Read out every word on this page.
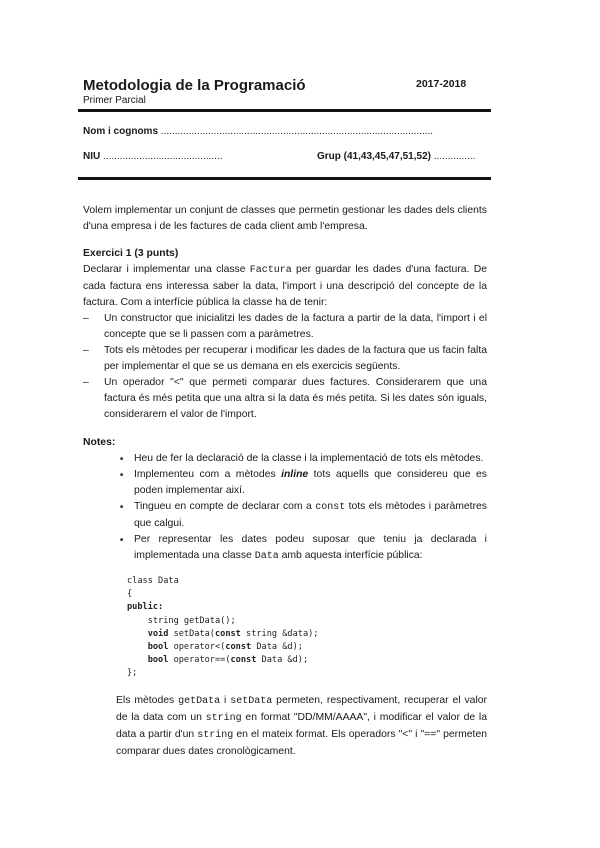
Metodologia de la Programació
Primer Parcial
2017-2018
Nom i cognoms ..................................................................................................
NIU ...........................................	Grup (41,43,45,47,51,52) ...............
Volem implementar un conjunt de classes que permetin gestionar les dades dels clients d'una empresa i de les factures de cada client amb l'empresa.
Exercici 1 (3 punts)
Declarar i implementar una classe Factura per guardar les dades d'una factura. De cada factura ens interessa saber la data, l'import i una descripció del concepte de la factura. Com a interfície pública la classe ha de tenir:
– Un constructor que inicialitzi les dades de la factura a partir de la data, l'import i el concepte que se li passen com a paràmetres.
– Tots els mètodes per recuperar i modificar les dades de la factura que us facin falta per implementar el que se us demana en els exercicis següents.
– Un operador "<" que permeti comparar dues factures. Considerarem que una factura és més petita que una altra si la data és més petita. Si les dates són iguals, considerarem el valor de l'import.
Notes:
■ Heu de fer la declaració de la classe i la implementació de tots els mètodes.
■ Implementeu com a mètodes inline tots aquells que considereu que es poden implementar així.
■ Tingueu en compte de declarar com a const tots els mètodes i paràmetres que calgui.
■ Per representar les dates podeu suposar que teniu ja declarada i implementada una classe Data amb aquesta interfície pública:
class Data
{
public:
string getData();
void setData(const string &data);
bool operator<(const Data &d);
bool operator==(const Data &d);
};
Els mètodes getData i setData permeten, respectivament, recuperar el valor de la data com un string en format "DD/MM/AAAA", i modificar el valor de la data a partir d'un string en el mateix format. Els operadors "<" i "==" permeten comparar dues dates cronològicament.
